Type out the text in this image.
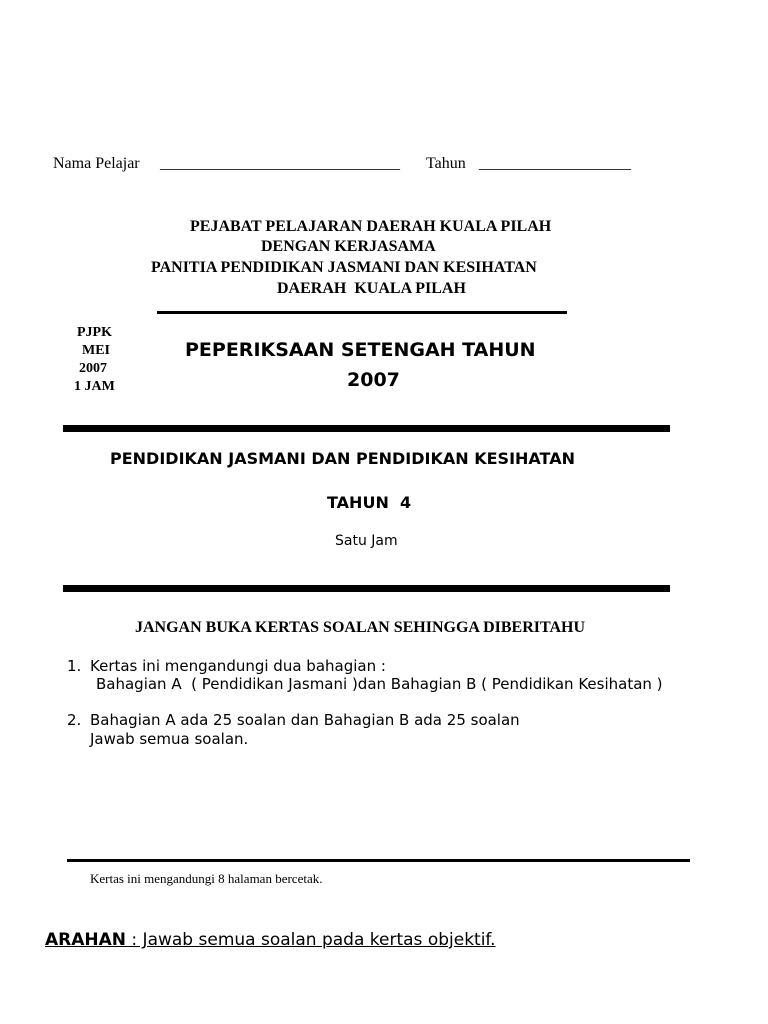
Nama Pelajar ______________________________ Tahun ___________________
PEJABAT PELAJARAN DAERAH KUALA PILAH
DENGAN KERJASAMA
PANITIA PENDIDIKAN JASMANI DAN KESIHATAN
DAERAH  KUALA PILAH
PJPK
MEI
2007
1 JAM
PEPERIKSAAN SETENGAH TAHUN
2007
PENDIDIKAN JASMANI DAN PENDIDIKAN KESIHATAN
TAHUN  4
Satu Jam
JANGAN BUKA KERTAS SOALAN SEHINGGA DIBERITAHU
1. Kertas ini mengandungi dua bahagian :
Bahagian A  ( Pendidikan Jasmani )dan Bahagian B ( Pendidikan Kesihatan )
2. Bahagian A ada 25 soalan dan Bahagian B ada 25 soalan
Jawab semua soalan.
Kertas ini mengandungi 8 halaman bercetak.
ARAHAN : Jawab semua soalan pada kertas objektif.
